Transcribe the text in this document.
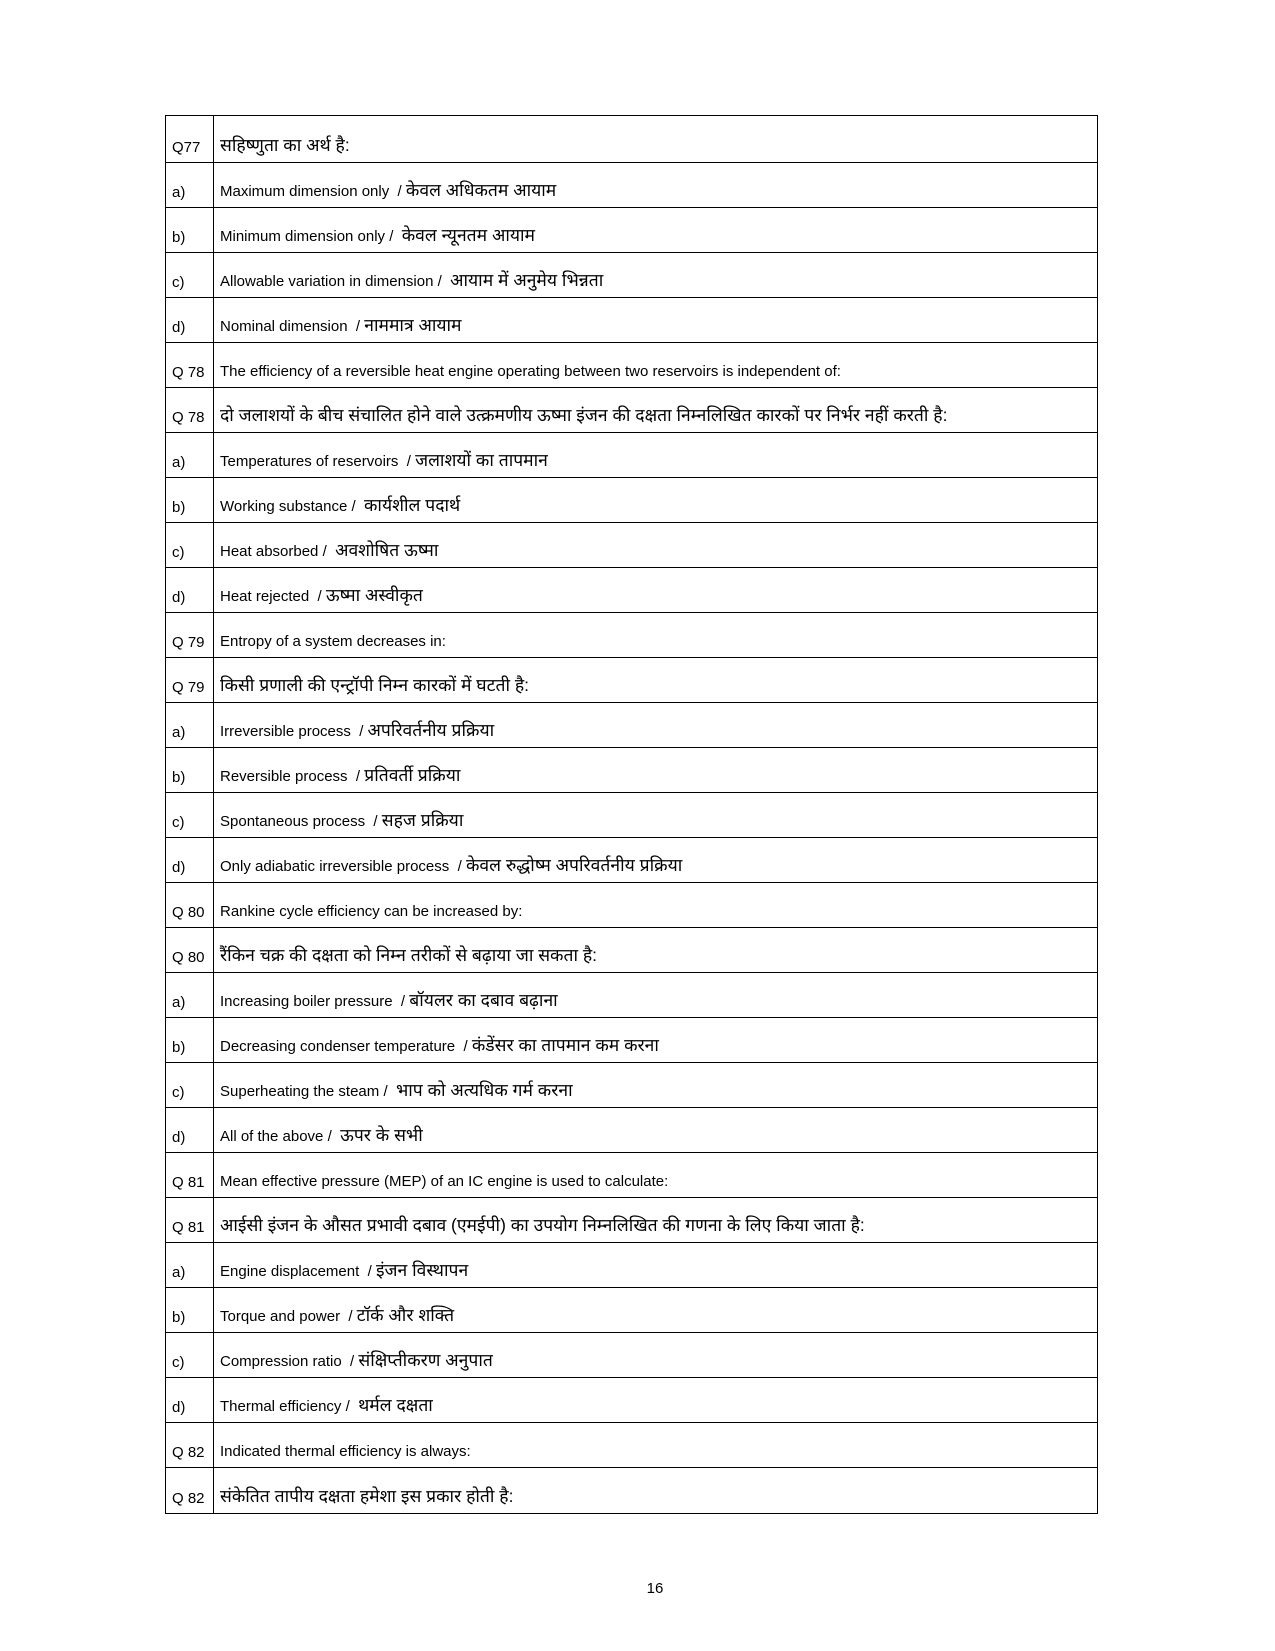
Q77 सहिष्णुता का अर्थ है:
a) Maximum dimension only  / केवल अधिकतम आयाम
b) Minimum dimension only /  केवल न्यूनतम आयाम
c) Allowable variation in dimension /  आयाम में अनुमेय भिन्नता
d) Nominal dimension  / नाममात्र आयाम
Q 78 The efficiency of a reversible heat engine operating between two reservoirs is independent of:
Q 78 दो जलाशयों के बीच संचालित होने वाले उत्क्रमणीय ऊष्मा इंजन की दक्षता निम्नलिखित कारकों पर निर्भर नहीं करती है:
a) Temperatures of reservoirs  / जलाशयों का तापमान
b) Working substance /  कार्यशील पदार्थ
c) Heat absorbed /  अवशोषित ऊष्मा
d) Heat rejected  / ऊष्मा अस्वीकृत
Q 79 Entropy of a system decreases in:
Q 79 किसी प्रणाली की एन्ट्रॉपी निम्न कारकों में घटती है:
a) Irreversible process  / अपरिवर्तनीय प्रक्रिया
b) Reversible process  / प्रतिवर्ती प्रक्रिया
c) Spontaneous process  / सहज प्रक्रिया
d) Only adiabatic irreversible process  / केवल रुद्धोष्म अपरिवर्तनीय प्रक्रिया
Q 80 Rankine cycle efficiency can be increased by:
Q 80 रैंकिन चक्र की दक्षता को निम्न तरीकों से बढ़ाया जा सकता है:
a) Increasing boiler pressure  / बॉयलर का दबाव बढ़ाना
b) Decreasing condenser temperature  / कंडेंसर का तापमान कम करना
c) Superheating the steam /  भाप को अत्यधिक गर्म करना
d) All of the above /  ऊपर के सभी
Q 81 Mean effective pressure (MEP) of an IC engine is used to calculate:
Q 81 आईसी इंजन के औसत प्रभावी दबाव (एमईपी) का उपयोग निम्नलिखित की गणना के लिए किया जाता है:
a) Engine displacement  / इंजन विस्थापन
b) Torque and power  / टॉर्क और शक्ति
c) Compression ratio  / संक्षिप्तीकरण अनुपात
d) Thermal efficiency /  थर्मल दक्षता
Q 82 Indicated thermal efficiency is always:
Q 82 संकेतित तापीय दक्षता हमेशा इस प्रकार होती है:
16
